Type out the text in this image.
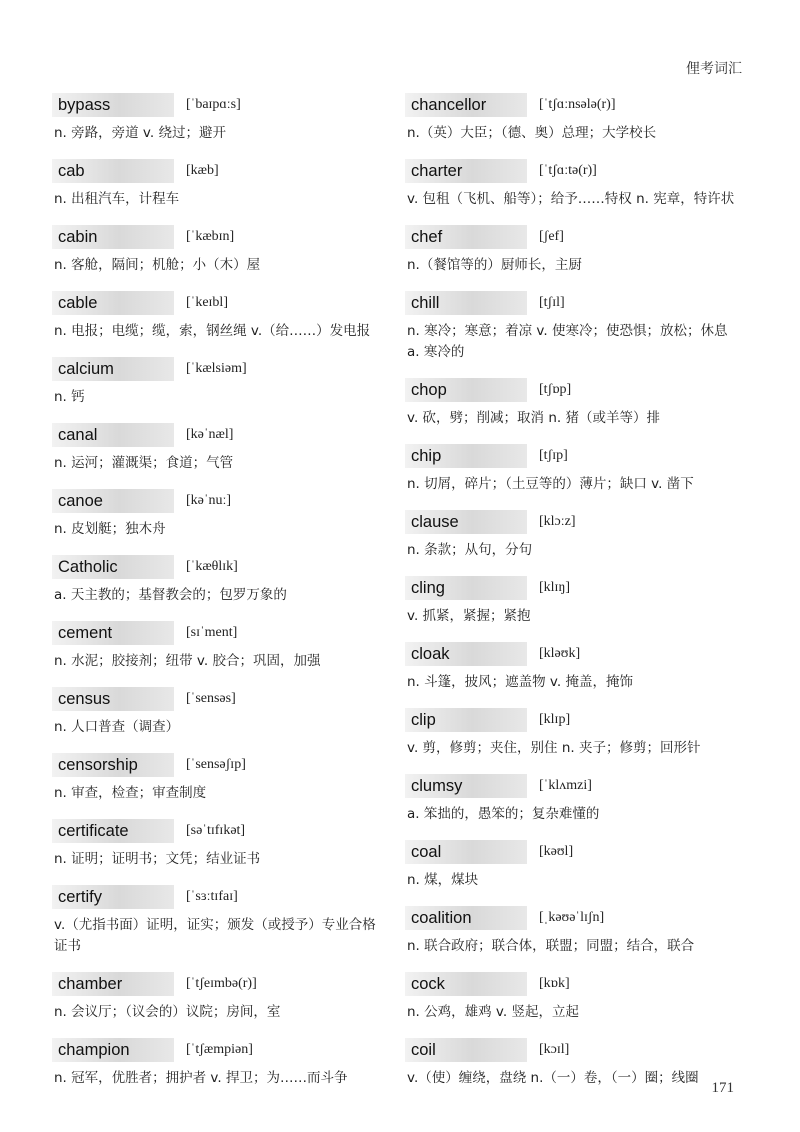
俚考词汇
bypass	[ˈbaɪpɑːs]
n. 旁路，旁道 v. 绕过；避开
cab	[kæb]
n. 出租汽车，计程车
cabin	[ˈkæbɪn]
n. 客舱，隔间；机舱；小（木）屋
cable	[ˈkeɪbl]
n. 电报；电缆；缆，索，钢丝绳 v.（给……）发电报
calcium	[ˈkælsiəm]
n. 钙
canal	[kəˈnæl]
n. 运河；灌溉渠；食道；气管
canoe	[kəˈnuː]
n. 皮划艇；独木舟
Catholic	[ˈkæθlɪk]
a. 天主教的；基督教会的；包罗万象的
cement	[sɪˈment]
n. 水泥；胶接剂；纽带 v. 胶合；巩固，加强
census	[ˈsensəs]
n. 人口普查（调查）
censorship	[ˈsensəʃɪp]
n. 审查，检查；审查制度
certificate	[səˈtɪfɪkət]
n. 证明；证明书；文凭；结业证书
certify	[ˈsɜːtɪfaɪ]
v.（尤指书面）证明，证实；颁发（或授予）专业合格证书
chamber	[ˈtʃeɪmbə(r)]
n. 会议厅；（议会的）议院；房间，室
champion	[ˈtʃæmpiən]
n. 冠军，优胜者；拥护者 v. 捍卫；为……而斗争
chancellor	[ˈtʃɑːnsələ(r)]
n.（英）大臣；（德、奥）总理；大学校长
charter	[ˈtʃɑːtə(r)]
v. 包租（飞机、船等）；给予……特权 n. 宪章，特许状
chef	[ʃef]
n.（餐馆等的）厨师长，主厨
chill	[tʃɪl]
n. 寒冷；寒意；着凉 v. 使寒冷；使恐惧；放松；休息 a. 寒冷的
chop	[tʃɒp]
v. 砍，劈；削减；取消 n. 猪（或羊等）排
chip	[tʃɪp]
n. 切屑，碎片；（土豆等的）薄片；缺口 v. 凿下
clause	[klɔːz]
n. 条款；从句，分句
cling	[klɪŋ]
v. 抓紧，紧握；紧抱
cloak	[kləʊk]
n. 斗篷，披风；遮盖物 v. 掩盖，掩饰
clip	[klɪp]
v. 剪，修剪；夹住，别住 n. 夹子；修剪；回形针
clumsy	[ˈklʌmzi]
a. 笨拙的，愚笨的；复杂难懂的
coal	[kəʊl]
n. 煤，煤块
coalition	[ˌkəʊəˈlɪʃn]
n. 联合政府；联合体，联盟；同盟；结合，联合
cock	[kɒk]
n. 公鸡，雄鸡 v. 竖起，立起
coil	[kɔɪl]
v.（使）缠绕，盘绕 n.（一）卷，（一）圈；线圈
171
